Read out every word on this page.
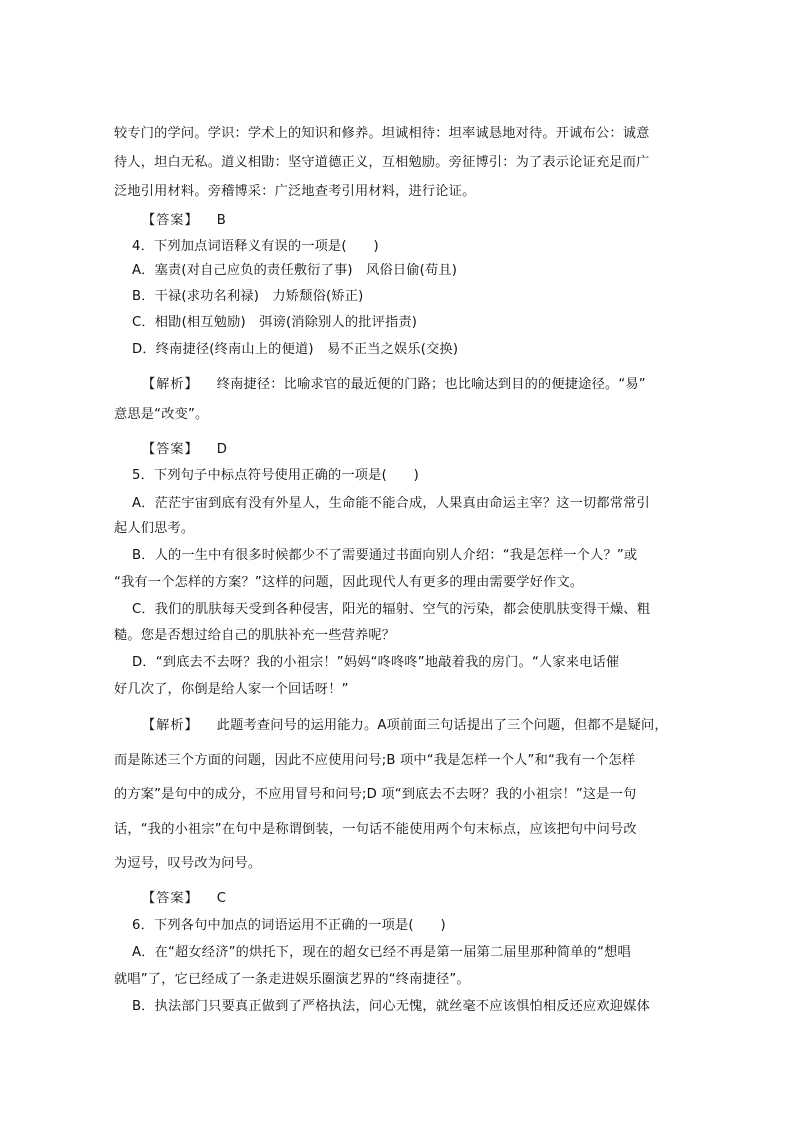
较专门的学问。学识：学术上的知识和修养。坦诚相待：坦率诚恳地对待。开诚布公：诚意
待人，坦白无私。道义相勖：坚守道德正义，互相勉励。旁征博引：为了表示论证充足而广
泛地引用材料。旁稽博采：广泛地查考引用材料，进行论证。
【答案】 B
4．下列加点词语释义有误的一项是(　　)
A．塞责(对自己应负的责任敷衍了事)　风俗日偷(苟且)
B．干禄(求功名利禄)　力矫颓俗(矫正)
C．相勖(相互勉励)　弭谤(消除别人的批评指责)
D．终南捷径(终南山上的便道)　易不正当之娱乐(交换)
【解析】 终南捷径：比喻求官的最近便的门路；也比喻达到目的的便捷途径。“易”
意思是“改变”。
【答案】 D
5．下列句子中标点符号使用正确的一项是(　　)
A．茫茫宇宙到底有没有外星人，生命能不能合成，人果真由命运主宰？这一切都常常引
起人们思考。
B．人的一生中有很多时候都少不了需要通过书面向别人介绍：“我是怎样一个人？”或
“我有一个怎样的方案？”这样的问题，因此现代人有更多的理由需要学好作文。
C．我们的肌肤每天受到各种侵害，阳光的辐射、空气的污染，都会使肌肤变得干燥、粗
糙。您是否想过给自己的肌肤补充一些营养呢？
D．“到底去不去呀？我的小祖宗！”妈妈“咚咚咚”地敲着我的房门。“人家来电话催
好几次了，你倒是给人家一个回话呀！”
【解析】 此题考查问号的运用能力。A项前面三句话提出了三个问题，但都不是疑问，
而是陈述三个方面的问题，因此不应使用问号;B 项中“我是怎样一个人”和“我有一个怎样
的方案”是句中的成分，不应用冒号和问号;D 项“到底去不去呀？我的小祖宗！”这是一句
话，“我的小祖宗”在句中是称谓倒装，一句话不能使用两个句末标点，应该把句中问号改
为逗号，叹号改为问号。
【答案】 C
6．下列各句中加点的词语运用不正确的一项是(　　)
A．在“超女经济”的烘托下，现在的超女已经不再是第一届第二届里那种简单的“想唱
就唱”了，它已经成了一条走进娱乐圈演艺界的“终南捷径”。
B．执法部门只要真正做到了严格执法，问心无愧，就丝毫不应该惧怕相反还应欢迎媒体
